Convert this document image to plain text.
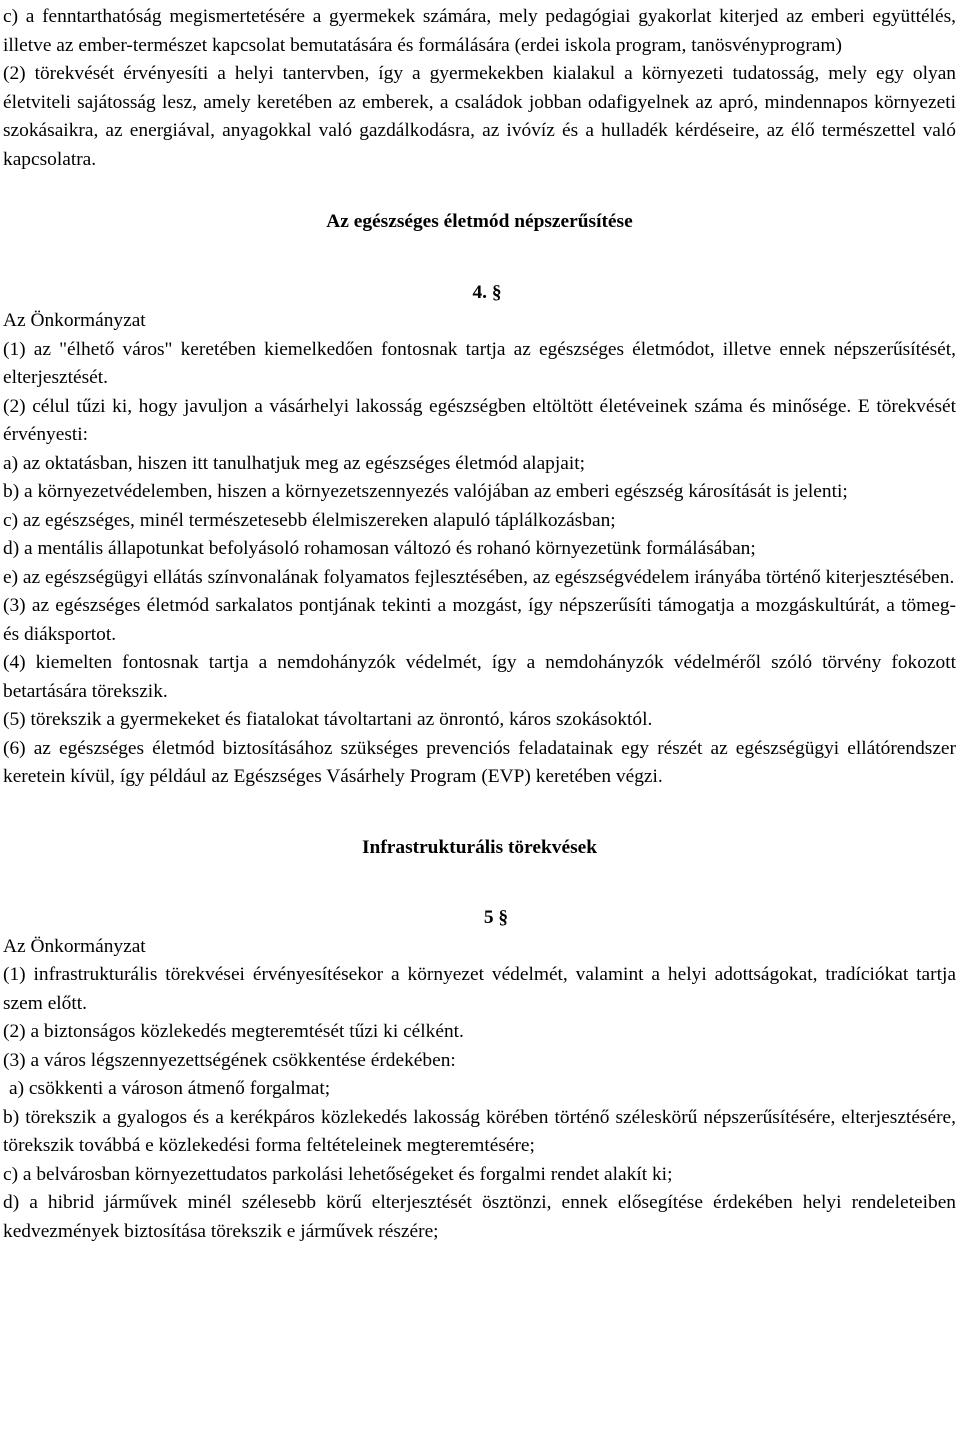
c) a fenntarthatóság megismertetésére a gyermekek számára, mely pedagógiai gyakorlat kiterjed az emberi együttélés, illetve az ember-természet kapcsolat bemutatására és formálására (erdei iskola program, tanösvényprogram)

(2) törekvését érvényesíti a helyi tantervben, így a gyermekekben kialakul a környezeti tudatosság, mely egy olyan életviteli sajátosság lesz, amely keretében az emberek, a családok jobban odafigyelnek az apró, mindennapos környezeti szokásaikra, az energiával, anyagokkal való gazdálkodásra, az ivóvíz és a hulladék kérdéseire, az élő természettel való kapcsolatra.

Az egészséges életmód népszerűsítése
4. §

Az Önkormányzat

(1) az "élhető város" keretében kiemelkedően fontosnak tartja az egészséges életmódot, illetve ennek népszerűsítését, elterjesztését.

(2) célul tűzi ki, hogy javuljon a vásárhelyi lakosság egészségben eltöltött életéveinek száma és minősége. E törekvését érvényesti:

a) az oktatásban, hiszen itt tanulhatjuk meg az egészséges életmód alapjait;

b) a környezetvédelemben, hiszen a környezetszennyezés valójában az emberi egészség károsítását is jelenti;

c) az egészséges, minél természetesebb élelmiszereken alapuló táplálkozásban;

d) a mentális állapotunkat befolyásoló rohamosan változó és rohanó környezetünk formálásában;

e) az egészségügyi ellátás színvonalának folyamatos fejlesztésében, az egészségvédelem irányába történő kiterjesztésében.

(3) az egészséges életmód sarkalatos pontjának tekinti a mozgást, így népszerűsíti támogatja a mozgáskultúrát, a tömeg- és diáksportot.

(4) kiemelten fontosnak tartja a nemdohányzók védelmét, így a nemdohányzók védelméről szóló törvény fokozott betartására törekszik.

(5) törekszik a gyermekeket és fiatalokat távoltartani az önrontó, káros szokásoktól.

(6) az egészséges életmód biztosításához szükséges prevenciós feladatainak egy részét az egészségügyi ellátórendszer keretein kívül, így például az Egészséges Vásárhely Program (EVP) keretében végzi.

Infrastrukturális törekvések
5 §

Az Önkormányzat

(1) infrastrukturális törekvései érvényesítésekor a környezet védelmét, valamint a helyi adottságokat, tradíciókat tartja szem előtt.

(2) a biztonságos közlekedés megteremtését tűzi ki célként.

(3) a város légszennyezettségének csökkentése érdekében:

a) csökkenti a városon átmenő forgalmat;

b) törekszik a gyalogos és a kerékpáros közlekedés lakosság körében történő széleskörű népszerűsítésére, elterjesztésére, törekszik továbbá e közlekedési forma feltételeinek megteremtésére;

c) a belvárosban környezettudatos parkolási lehetőségeket és forgalmi rendet alakít ki;

d) a hibrid járművek minél szélesebb körű elterjesztését ösztönzi, ennek elősegítése érdekében helyi rendeleteiben kedvezmények biztosítása törekszik e járművek részére;
